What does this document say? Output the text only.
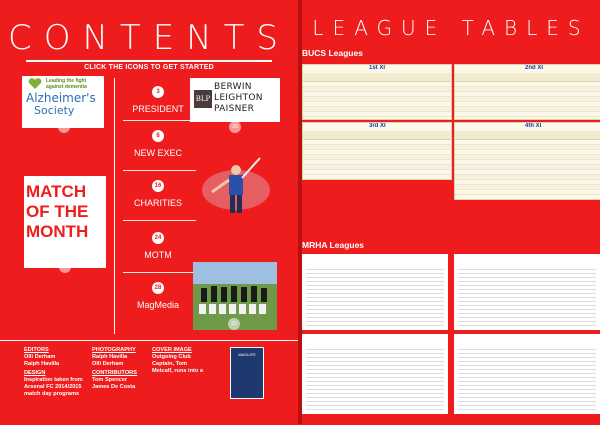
CONTENTS
CLICK THE ICONS TO GET STARTED
Leading the fight
against dementia
Alzheimer's
Society
14
BLP
BERWIN
LEIGHTON
PAISNER
20
3
PRESIDENT
8
NEW EXEC
16
CHARITIES
24
MOTM
28
MagMedia
MATCH
OF THE
MONTH
24
23
EDITORS
Olli Derham
Ralph Havilla
DESIGN
Inspiration taken from
Arsenal FC 2014/2015
match day programs
PHOTOGRAPHY
Ralph Havilla
Olli Derham
CONTRIBUTORS
Tom Spencer
James De Costa
COVER IMAGE
Outgoing Club
Captain, Tom
Metcalf, runs into a
MAGLIFE
LEAGUE TABLES
BUCS Leagues
1st XI	2nd XI
3rd XI	4th XI
MRHA Leagues
